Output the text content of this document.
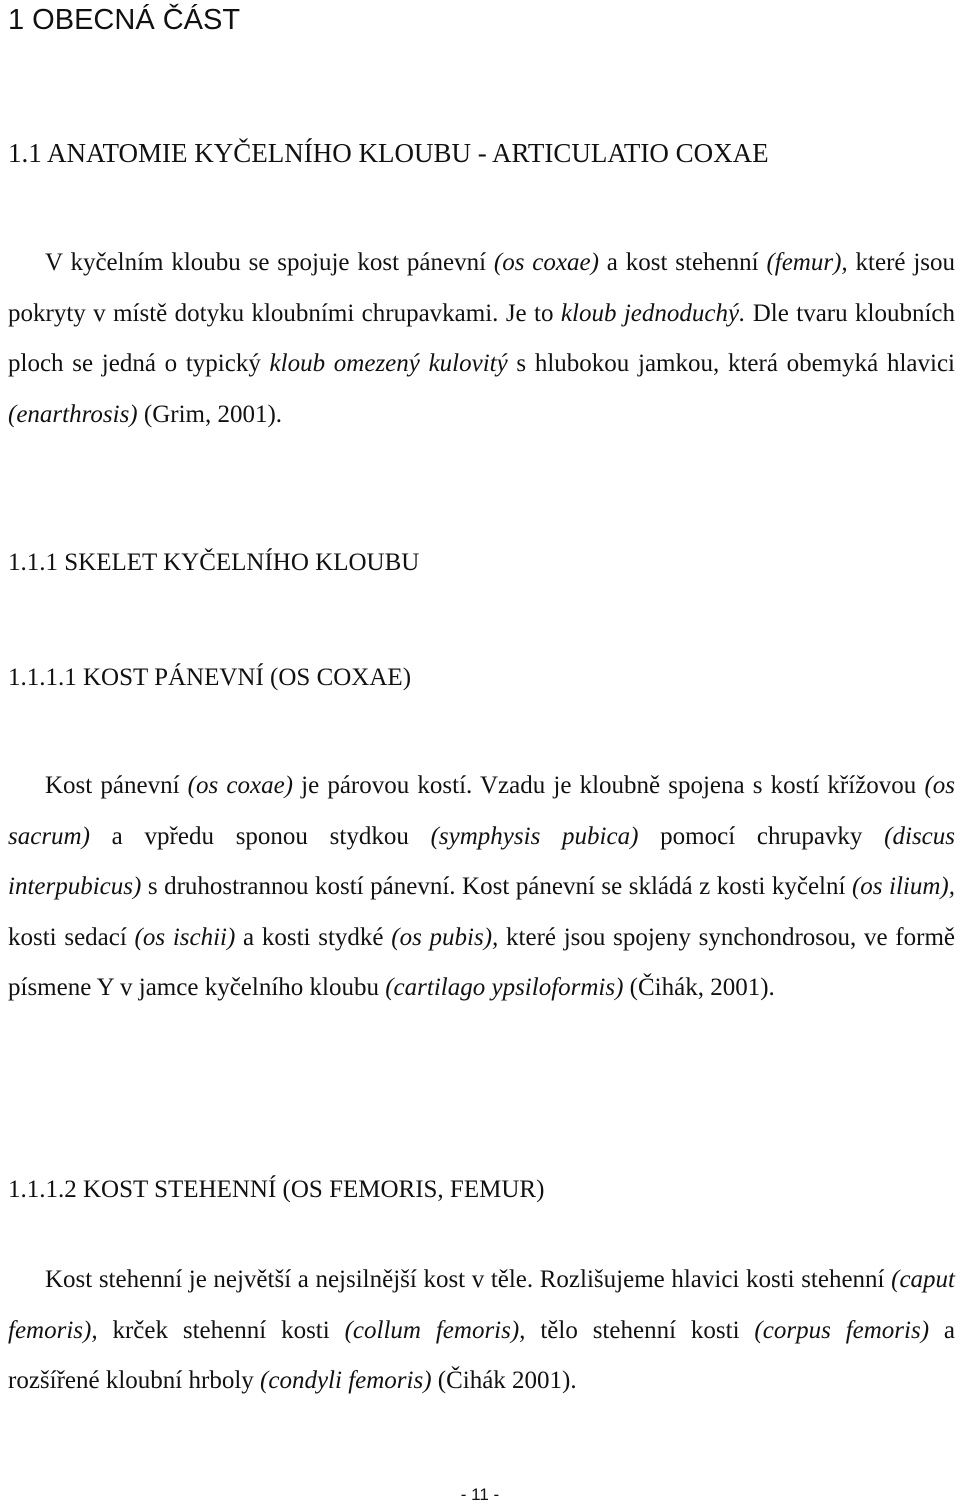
1 OBECNÁ ČÁST
1.1 ANATOMIE KYČELNÍHO KLOUBU - ARTICULATIO COXAE

V kyčelním kloubu se spojuje kost pánevní (os coxae) a kost stehenní (femur), které jsou pokryty v místě dotyku kloubními chrupavkami. Je to kloub jednoduchý. Dle tvaru kloubních ploch se jedná o typický kloub omezený kulovitý s hlubokou jamkou, která obemyká hlavici (enarthrosis) (Grim, 2001).

1.1.1 SKELET KYČELNÍHO KLOUBU
1.1.1.1 KOST PÁNEVNÍ (OS COXAE)

Kost pánevní (os coxae) je párovou kostí. Vzadu je kloubně spojena s kostí křížovou (os sacrum) a vpředu sponou stydkou (symphysis pubica) pomocí chrupavky (discus interpubicus) s druhostrannou kostí pánevní. Kost pánevní se skládá z kosti kyčelní (os ilium), kosti sedací (os ischii) a kosti stydké (os pubis), které jsou spojeny synchondrosou, ve formě písmene Y v jamce kyčelního kloubu (cartilago ypsiloformis) (Čihák, 2001).

1.1.1.2 KOST STEHENNÍ (OS FEMORIS, FEMUR)

Kost stehenní je největší a nejsilnější kost v těle. Rozlišujeme hlavici kosti stehenní (caput femoris), krček stehenní kosti (collum femoris), tělo stehenní kosti (corpus femoris) a rozšířené kloubní hrboly (condyli femoris) (Čihák 2001).

- 11 -
